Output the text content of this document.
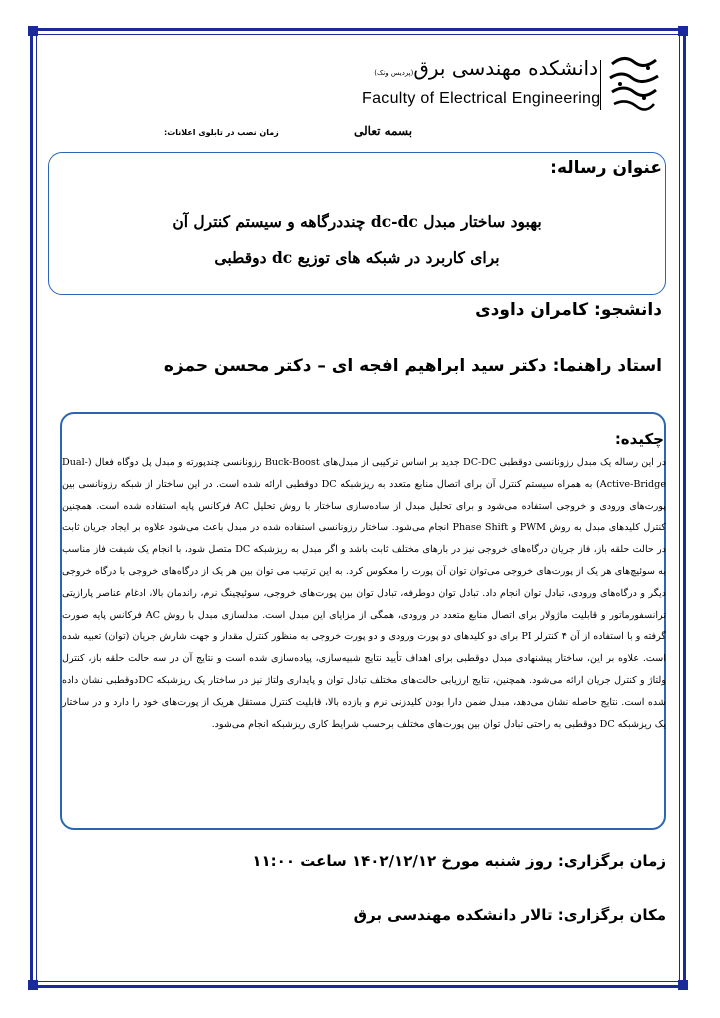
دانشکده مهندسی برق(پردیس ونک)
Faculty of Electrical Engineering
بسمه تعالی
زمان نصب در تابلوی اعلانات:
عنوان رساله:
بهبود ساختار مبدل dc-dc چنددرگاهه و سیستم کنترل آن
برای کاربرد در شبکه های توزیع dc دوقطبی
دانشجو: کامران داودی
استاد راهنما: دکتر سید ابراهیم افجه ای – دکتر محسن حمزه
چکیده:
در این رساله یک مبدل رزونانسی دوقطبی DC-DC جدید بر اساس ترکیبی از مبدل‌های Buck-Boost رزونانسی چندپورته و مبدل پل دوگاه فعال (Dual-Active-Bridge) به همراه سیستم کنترل آن برای اتصال منابع متعدد به ریزشبکه DC دوقطبی ارائه شده است. در این ساختار از شبکه رزونانسی بین پورت‌های ورودی و خروجی استفاده می‌شود و برای تحلیل مبدل از ساده‌سازی ساختار با روش تحلیل AC فرکانس پایه استفاده شده است. همچنین کنترل کلیدهای مبدل به روش PWM و Phase Shift انجام می‌شود. ساختار رزونانسی استفاده شده در مبدل باعث می‌شود علاوه بر ایجاد جریان ثابت در حالت حلقه باز، فاز جریان درگاه‌های خروجی نیز در بارهای مختلف ثابت باشد و اگر مبدل به ریزشبکه DC متصل شود، با انجام یک شیفت فاز مناسب به سوئیچ‌های هر یک از پورت‌های خروجی می‌توان توان آن پورت را معکوس کرد. به این ترتیب می توان بین هر یک از درگاه‌های خروجی با درگاه خروجی دیگر و درگاه‌های ورودی، تبادل توان انجام داد. تبادل توان دوطرفه، تبادل توان بین پورت‌های خروجی، سوئیچینگ نرم، راندمان بالا، ادغام عناصر پارازیتی ترانسفورماتور و قابلیت ماژولار برای اتصال منابع متعدد در ورودی، همگی از مزایای این مبدل است. مدلسازی مبدل با روش AC فرکانس پایه صورت گرفته و با استفاده از آن ۴ کنترلر PI برای دو کلیدهای دو پورت ورودی و دو پورت خروجی به منظور کنترل مقدار و جهت شارش جریان (توان) تعبیه شده است. علاوه بر این، ساختار پیشنهادی مبدل دوقطبی برای اهداف تأیید نتایج شبیه‌سازی، پیاده‌سازی شده است و نتایج آن در سه حالت حلقه باز، کنترل ولتاژ و کنترل جریان ارائه می‌شود. همچنین، نتایج ارزیابی حالت‌های مختلف تبادل توان و پایداری ولتاژ نیز در ساختار یک ریزشبکه DCدوقطبی نشان داده شده است. نتایج حاصله نشان می‌دهد، مبدل ضمن دارا بودن کلیدزنی نرم و بازده بالا، قابلیت کنترل مستقل هریک از پورت‌های خود را دارد و در ساختار یک ریزشبکه DC دوقطبی به راحتی تبادل توان بین پورت‌های مختلف برحسب شرایط کاری ریزشبکه انجام می‌شود.
زمان برگزاری: روز شنبه مورخ ۱۴۰۲/۱۲/۱۲ ساعت ۱۱:۰۰
مکان برگزاری: تالار دانشکده مهندسی برق
